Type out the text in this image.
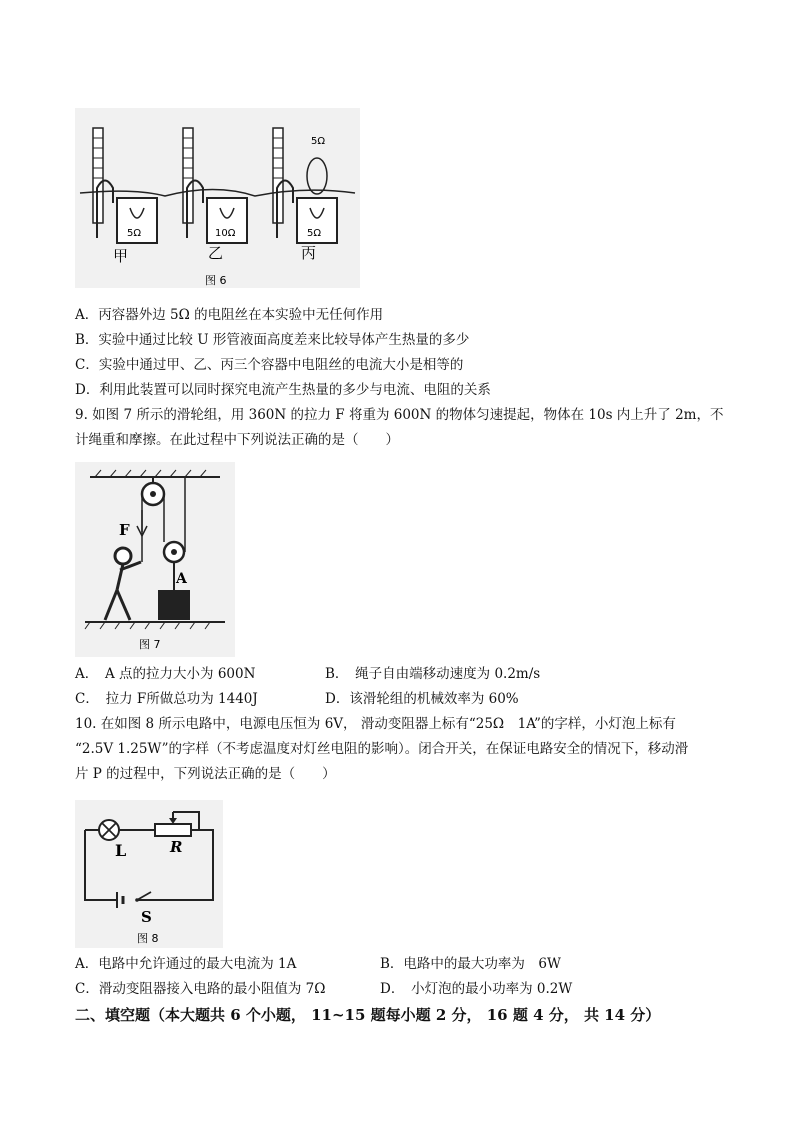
5Ω	10Ω	5Ω
5Ω
甲	乙	丙
图 6
A．丙容器外边 5Ω 的电阻丝在本实验中无任何作用
B．实验中通过比较 U 形管液面高度差来比较导体产生热量的多少
C．实验中通过甲、乙、丙三个容器中电阻丝的电流大小是相等的
D．利用此装置可以同时探究电流产生热量的多少与电流、电阻的关系
9. 如图 7 所示的滑轮组，用 360N 的拉力 F 将重为 600N 的物体匀速提起，物体在 10s 内上升了 2m，不
计绳重和摩擦。在此过程中下列说法正确的是（　　）
F
A
图 7
A．　A 点的拉力大小为 600N	B．　绳子自由端移动速度为 0.2m/s
C．　拉力 F所做总功为 1440J	D．该滑轮组的机械效率为 60%
10. 在如图 8 所示电路中，电源电压恒为 6V， 滑动变阻器上标有“25Ω　1A”的字样，小灯泡上标有
“2.5V 1.25W”的字样（不考虑温度对灯丝电阻的影响）。闭合开关，在保证电路安全的情况下，移动滑
片 P 的过程中，下列说法正确的是（　　）
L	R
S
图 8
A．电路中允许通过的最大电流为 1A	B．电路中的最大功率为　6W
C．滑动变阻器接入电路的最小阻值为 7Ω	D．　小灯泡的最小功率为 0.2W
二、填空题（本大题共 6 个小题， 11~15 题每小题 2 分， 16 题 4 分， 共 14 分）
